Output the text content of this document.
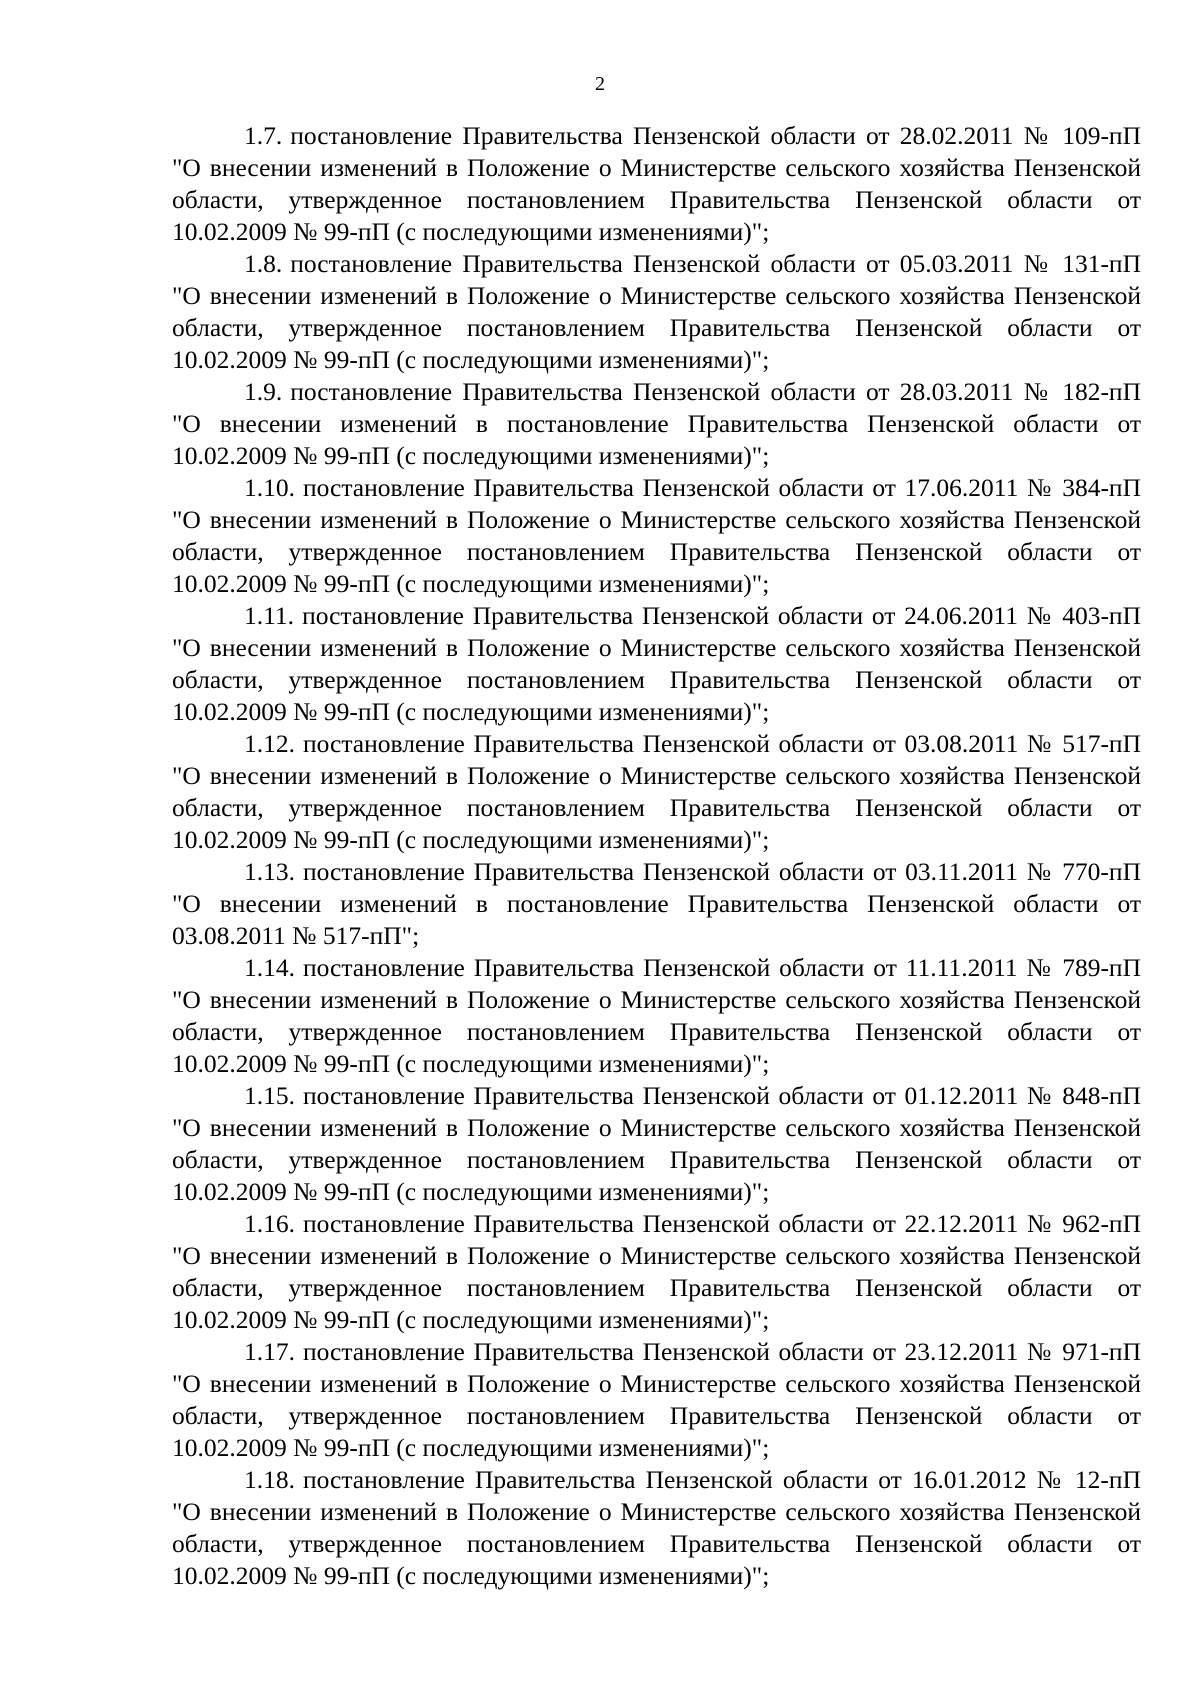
2

1.7. постановление Правительства Пензенской области от 28.02.2011 № 109-пП "О внесении изменений в Положение о Министерстве сельского хозяйства Пензенской области, утвержденное постановлением Правительства Пензенской области от 10.02.2009 № 99-пП (с последующими изменениями)";

1.8. постановление Правительства Пензенской области от 05.03.2011 № 131-пП "О внесении изменений в Положение о Министерстве сельского хозяйства Пензенской области, утвержденное постановлением Правительства Пензенской области от 10.02.2009 № 99-пП (с последующими изменениями)";

1.9. постановление Правительства Пензенской области от 28.03.2011 № 182-пП "О внесении изменений в постановление Правительства Пензенской области от 10.02.2009 № 99-пП (с последующими изменениями)";

1.10. постановление Правительства Пензенской области от 17.06.2011 № 384-пП "О внесении изменений в Положение о Министерстве сельского хозяйства Пензенской области, утвержденное постановлением Правительства Пензенской области от 10.02.2009 № 99-пП (с последующими изменениями)";

1.11. постановление Правительства Пензенской области от 24.06.2011 № 403-пП "О внесении изменений в Положение о Министерстве сельского хозяйства Пензенской области, утвержденное постановлением Правительства Пензенской области от 10.02.2009 № 99-пП (с последующими изменениями)";

1.12. постановление Правительства Пензенской области от 03.08.2011 № 517-пП "О внесении изменений в Положение о Министерстве сельского хозяйства Пензенской области, утвержденное постановлением Правительства Пензенской области от 10.02.2009 № 99-пП (с последующими изменениями)";

1.13. постановление Правительства Пензенской области от 03.11.2011 № 770-пП "О внесении изменений в постановление Правительства Пензенской области от 03.08.2011 № 517-пП";

1.14. постановление Правительства Пензенской области от 11.11.2011 № 789-пП "О внесении изменений в Положение о Министерстве сельского хозяйства Пензенской области, утвержденное постановлением Правительства Пензенской области от 10.02.2009 № 99-пП (с последующими изменениями)";

1.15. постановление Правительства Пензенской области от 01.12.2011 № 848-пП "О внесении изменений в Положение о Министерстве сельского хозяйства Пензенской области, утвержденное постановлением Правительства Пензенской области от 10.02.2009 № 99-пП (с последующими изменениями)";

1.16. постановление Правительства Пензенской области от 22.12.2011 № 962-пП "О внесении изменений в Положение о Министерстве сельского хозяйства Пензенской области, утвержденное постановлением Правительства Пензенской области от 10.02.2009 № 99-пП (с последующими изменениями)";

1.17. постановление Правительства Пензенской области от 23.12.2011 № 971-пП "О внесении изменений в Положение о Министерстве сельского хозяйства Пензенской области, утвержденное постановлением Правительства Пензенской области от 10.02.2009 № 99-пП (с последующими изменениями)";

1.18. постановление Правительства Пензенской области от 16.01.2012 № 12-пП "О внесении изменений в Положение о Министерстве сельского хозяйства Пензенской области, утвержденное постановлением Правительства Пензенской области от 10.02.2009 № 99-пП (с последующими изменениями)";
